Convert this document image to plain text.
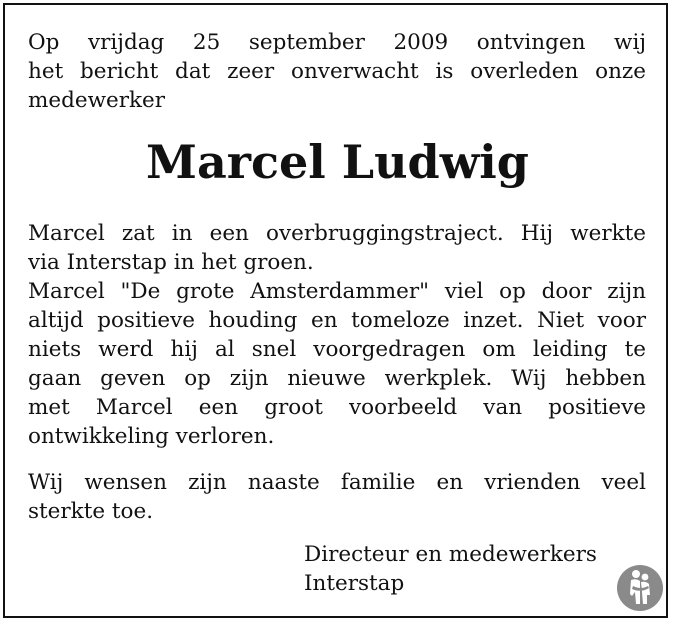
Op vrijdag 25 september 2009 ontvingen wij
het bericht dat zeer onverwacht is overleden onze
medewerker

Marcel Ludwig

Marcel zat in een overbruggingstraject. Hij werkte
via Interstap in het groen.
Marcel "De grote Amsterdammer" viel op door zijn
altijd positieve houding en tomeloze inzet. Niet voor
niets werd hij al snel voorgedragen om leiding te
gaan geven op zijn nieuwe werkplek. Wij hebben
met Marcel een groot voorbeeld van positieve
ontwikkeling verloren.

Wij wensen zijn naaste familie en vrienden veel
sterkte toe.

Directeur en medewerkers
Interstap
